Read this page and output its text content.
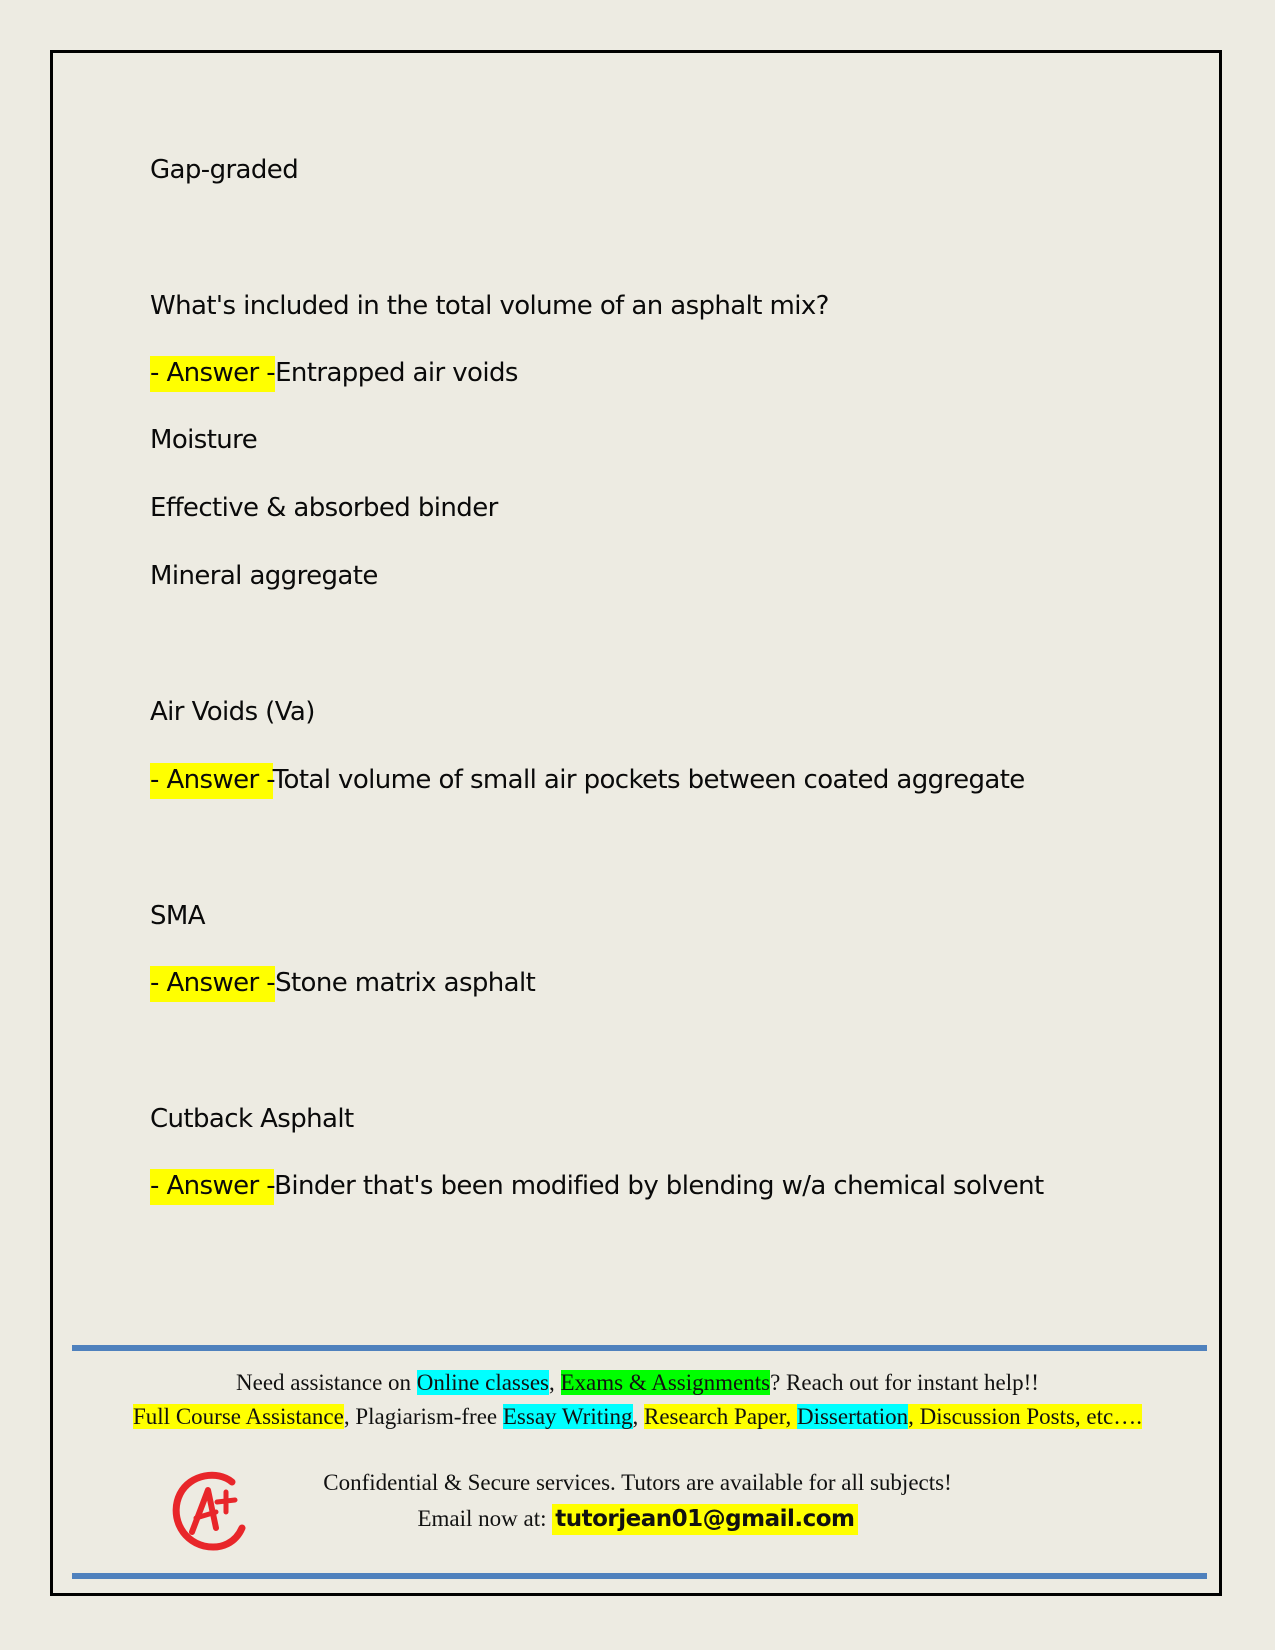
Gap-graded
What's included in the total volume of an asphalt mix?
- Answer -Entrapped air voids
Moisture
Effective & absorbed binder
Mineral aggregate
Air Voids (Va)
- Answer -Total volume of small air pockets between coated aggregate
SMA
- Answer -Stone matrix asphalt
Cutback Asphalt
- Answer -Binder that's been modified by blending w/a chemical solvent
Need assistance on Online classes, Exams & Assignments? Reach out for instant help!!
Full Course Assistance, Plagiarism-free Essay Writing, Research Paper, Dissertation, Discussion Posts, etc….
Confidential & Secure services. Tutors are available for all subjects!
Email now at: tutorjean01@gmail.com
